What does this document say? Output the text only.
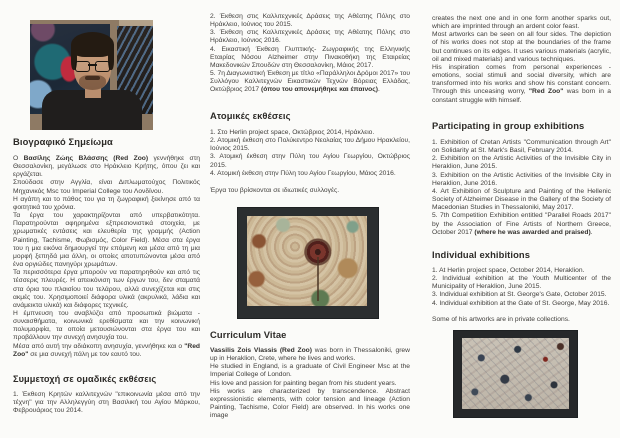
Βιογραφικό Σημείωμα

Ο Βασίλης Ζώης Βλάσσης (Red Zoo) γεννήθηκε στη Θεσσαλονίκη, μεγάλωσε στο Ηράκλειο Κρήτης, όπου ζει και εργάζεται.

Σπούδασε στην Αγγλία, είναι Διπλωματούχος Πολιτικός Μηχανικός Msc του Imperial College του Λονδίνου.

Η αγάπη και το πάθος του για τη ζωγραφική ξεκίνησε από τα φοιτητικά του χρόνια.

Τα έργα του χαρακτηρίζονται από υπερβατικότητα. Παρατηρούνται αφηρημένα εξπρεσιονιστικά στοιχεία, με χρωματικές εντάσεις και ελευθερία της γραμμής (Action Painting, Tachisme, Φωβισμός, Color Field). Μέσα στα έργα του η μια εικόνα δημιουργεί την επόμενη και μέσα από τη μια μορφή ξεπηδά μια άλλη, οι οποίες αποτυπώνονται μέσα από ένα οργιώδες πανηγύρι χρωμάτων.

Τα περισσότερα έργα μπορούν να παρατηρηθούν και από τις τέσσερις πλευρές. Η απεικόνιση των έργων του, δεν σταματά στα όρια του πλαισίου του τελάρου, αλλά συνεχίζεται και στις ακμές του. Χρησιμοποιεί διάφορα υλικά (ακρυλικά, λάδια και ανάμεικτα υλικά) και διάφορες τεχνικές.

Η έμπνευση του αναβλύζει από προσωπικά βιώματα - συναισθήματα, κοινωνικά ερεθίσματα και την κοινωνική πολυμορφία, τα οποία μετουσιώνονται στα έργα του και προβάλλουν την συνεχή ανησυχία του.

Μέσα από αυτή την αδιάκοπη ανησυχία, γεννήθηκε και ο "Red Zoo" σε μια συνεχή πάλη με τον εαυτό του.

Συμμετοχή σε ομαδικές εκθέσεις
1. Έκθεση Κρητών καλλιτεχνών "επικοινωνία μέσα από την τέχνη" για την Αλληλεγγύη στη Βασιλική του Αγίου Μάρκου, Φεβρουάριος του 2014.

2. Έκθεση στις Καλλιτεχνικές Δράσεις της Αθέατης Πόλης στο Ηράκλειο, Ιούνιος του 2015.

3. Έκθεση στις Καλλιτεχνικές Δράσεις της Αθέατης Πόλης στο Ηράκλειο, Ιούνιος 2016.

4. Εικαστική Έκθεση Γλυπτικής- Ζωγραφικής της Ελληνικής Εταιρίας Νόσου Alzheimer στην Πινακοθήκη της Εταιρείας Μακεδονικών Σπουδών στη Θεσσαλονίκη, Μάιος 2017.

5. 7η Διαγωνιστική Έκθεση με τίτλο «Παράλληλοι Δρόμοι 2017» του Συλλόγου Καλλιτεχνών Εικαστικών Τεχνών Βόρειας Ελλάδας, Οκτώβριος 2017 (όπου του απονεμήθηκε και έπαινος).

Ατομικές εκθέσεις

1. Στο Herlin project space, Οκτώβριος 2014, Ηράκλειο.

2. Ατομική έκθεση στο Πολύκεντρο Νεολαίας του Δήμου Ηρακλείου, Ιούνιος 2015.

3. Ατομική έκθεση στην Πύλη του Αγίου Γεωργίου, Οκτώβριος 2015.

4. Ατομική έκθεση στην Πύλη του Αγίου Γεωργίου, Μάιος 2016.

Έργα του βρίσκονται σε ιδιωτικές συλλογές.
Curriculum Vitae

Vassilis Zois Vlassis (Red Zoo) was born in Thessaloniki, grew up in Heraklion, Crete, where he lives and works.

He studied in England, is a graduate of Civil Engineer Msc at the Imperial College of London.

His love and passion for painting began from his student years.

His works are characterized by transcendence. Abstract expressionistic elements, with color tension and lineage (Action Painting, Tachisme, Color Field) are observed. In his works one image

creates the next one and in one form another sparks out, which are imprinted through an ardent color feast.

Most artworks can be seen on all four sides. The depiction of his works does not stop at the boundaries of the frame but continues on its edges. It uses various materials (acrylic, oil and mixed materials) and various techniques.

His inspiration comes from personal experiences - emotions, social stimuli and social diversity, which are transformed into his works and show his constant concern. Through this unceasing worry, "Red Zoo" was born in a constant struggle with himself.

Participating in group exhibitions

1. Exhibition of Cretan Artists "Communication through Art" on Solidarity at St. Mark's Basil, February 2014.

2. Exhibition on the Artistic Activities of the Invisible City in Heraklion, June 2015.

3. Exhibition on the Artistic Activities of the Invisible City in Heraklion, June 2016.

4. Art Exhibition of Sculpture and Painting of the Hellenic Society of Alzheimer Disease in the Gallery of the Society of Macedonian Studies in Thessaloniki, May 2017.

5. 7th Competition Exhibition entitled "Parallel Roads 2017" by the Association of Fine Artists of Northern Greece, October 2017 (where he was awarded and praised).

Individual exhibitions

1. At Herlin project space, October 2014, Heraklion.

2. Individual exhibition at the Youth Multicenter of the Municipality of Heraklion, June 2015.

3. Individual exhibition at St. George's Gate, October 2015.

4. Individual exhibition at the Gate of St. George, May 2016.

Some of his artworks are in private collections.
